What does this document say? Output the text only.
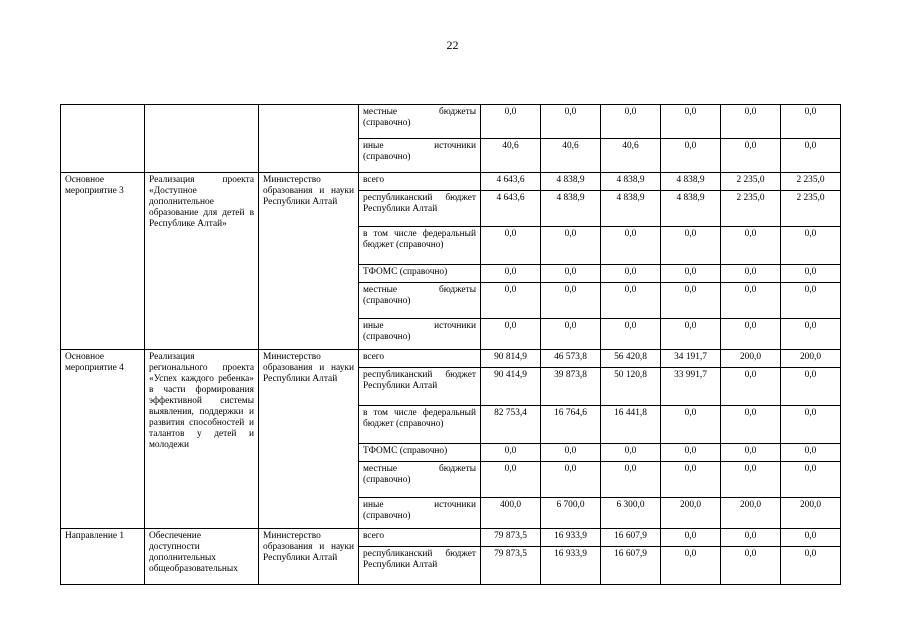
22
			местные бюджеты (справочно)	0,0	0,0	0,0	0,0	0,0	0,0
			иные источники (справочно)	40,6	40,6	40,6	0,0	0,0	0,0
Основное мероприятие 3	Реализация проекта «Доступное дополнительное образование для детей в Республике Алтай»	Министерство образования и науки Республики Алтай	всего	4 643,6	4 838,9	4 838,9	4 838,9	2 235,0	2 235,0
			республиканский бюджет Республики Алтай	4 643,6	4 838,9	4 838,9	4 838,9	2 235,0	2 235,0
			в том числе федеральный бюджет (справочно)	0,0	0,0	0,0	0,0	0,0	0,0
			ТФОМС (справочно)	0,0	0,0	0,0	0,0	0,0	0,0
			местные бюджеты (справочно)	0,0	0,0	0,0	0,0	0,0	0,0
			иные источники (справочно)	0,0	0,0	0,0	0,0	0,0	0,0
Основное мероприятие 4	Реализация регионального проекта «Успех каждого ребенка» в части формирования эффективной системы выявления, поддержки и развития способностей и талантов у детей и молодежи	Министерство образования и науки Республики Алтай	всего	90 814,9	46 573,8	56 420,8	34 191,7	200,0	200,0
			республиканский бюджет Республики Алтай	90 414,9	39 873,8	50 120,8	33 991,7	0,0	0,0
			в том числе федеральный бюджет (справочно)	82 753,4	16 764,6	16 441,8	0,0	0,0	0,0
			ТФОМС (справочно)	0,0	0,0	0,0	0,0	0,0	0,0
			местные бюджеты (справочно)	0,0	0,0	0,0	0,0	0,0	0,0
			иные источники (справочно)	400,0	6 700,0	6 300,0	200,0	200,0	200,0
Направление 1	Обеспечение доступности дополнительных общеобразовательных	Министерство образования и науки Республики Алтай	всего	79 873,5	16 933,9	16 607,9	0,0	0,0	0,0
			республиканский бюджет Республики Алтай	79 873,5	16 933,9	16 607,9	0,0	0,0	0,0
